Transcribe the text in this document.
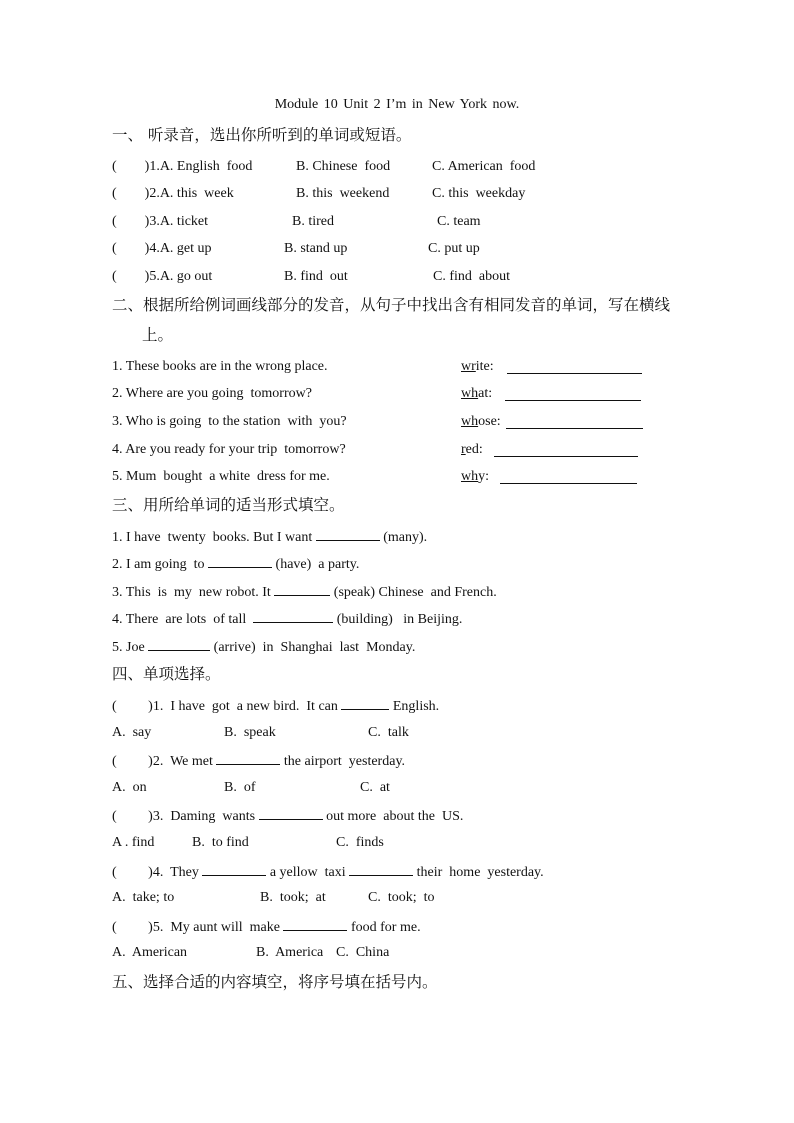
Module 10 Unit 2 I’m in New York now.
一、 听录音，选出你所听到的单词或短语。
(        )1.A. English  food	B. Chinese  food	C. American  food
(        )2.A. this  week	B. this  weekend	C. this  weekday
(        )3.A. ticket	B. tired	C. team
(        )4.A. get up	B. stand up	C. put up
(        )5.A. go out	B. find  out	C. find  about
二、根据所给例词画线部分的发音，从句子中找出含有相同发音的单词，写在横线
上。
1. These books are in the wrong place.	write:
2. Where are you going  tomorrow?	what:
3. Who is going  to the station  with  you?	whose:
4. Are you ready for your trip  tomorrow?	red:
5. Mum  bought  a white  dress for me.	why:
三、用所给单词的适当形式填空。
1. I have  twenty  books. But I want	(many).
2. I am going  to	(have)  a party.
3. This  is  my  new robot. It	(speak) Chinese  and French.
4. There  are lots  of tall	(building)   in Beijing.
5. Joe	(arrive)  in  Shanghai  last  Monday.
四、单项选择。
(         )1.  I have  got  a new bird.  It can	English.
A.  say	B.  speak	C.  talk
(         )2.  We met	the airport  yesterday.
A.  on	B.  of	C.  at
(         )3.  Daming  wants	out more  about the  US.
A . find	B.  to find	C.  finds
(         )4.  They	a yellow  taxi	their  home  yesterday.
A.  take; to	B.  took;  at	C.  took;  to
(         )5.  My aunt will  make	food for me.
A.  American	B.  America C.  China
五、选择合适的内容填空，将序号填在括号内。
